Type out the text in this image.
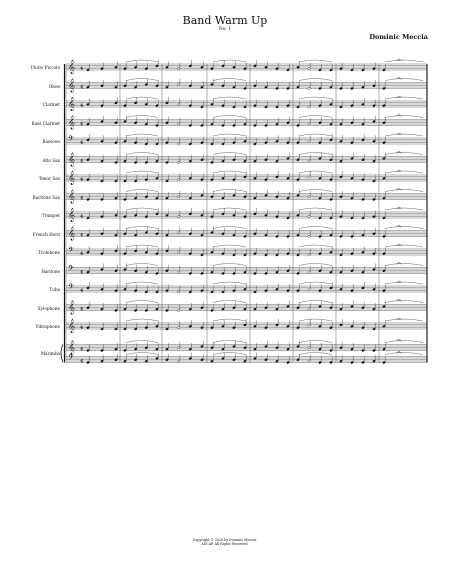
Band Warm Up
No. 1
Dominic Meccia
Flute/ Piccolo
Oboe
Clarinet
Bass Clarinet
Bassoon
Alto Sax
Tenor Sax
Baritone Sax
Trumpet
French Horn
Trombone
Baritone
Tuba
Xylophone
Vibraphone
Marimba
𝄞 4
𝄞 4
𝄞 4
𝄞 4
𝄢 4
𝄞 4
𝄞 4
𝄞 4
𝄞 4
𝄞 4
𝄢 4
𝄢 4
𝄢 4
𝄞 4
𝄞 4
𝄞 4
𝄢 4
Copyright © 2020 by Dominic Meccia.
ASCAP. All Rights Reserved.
